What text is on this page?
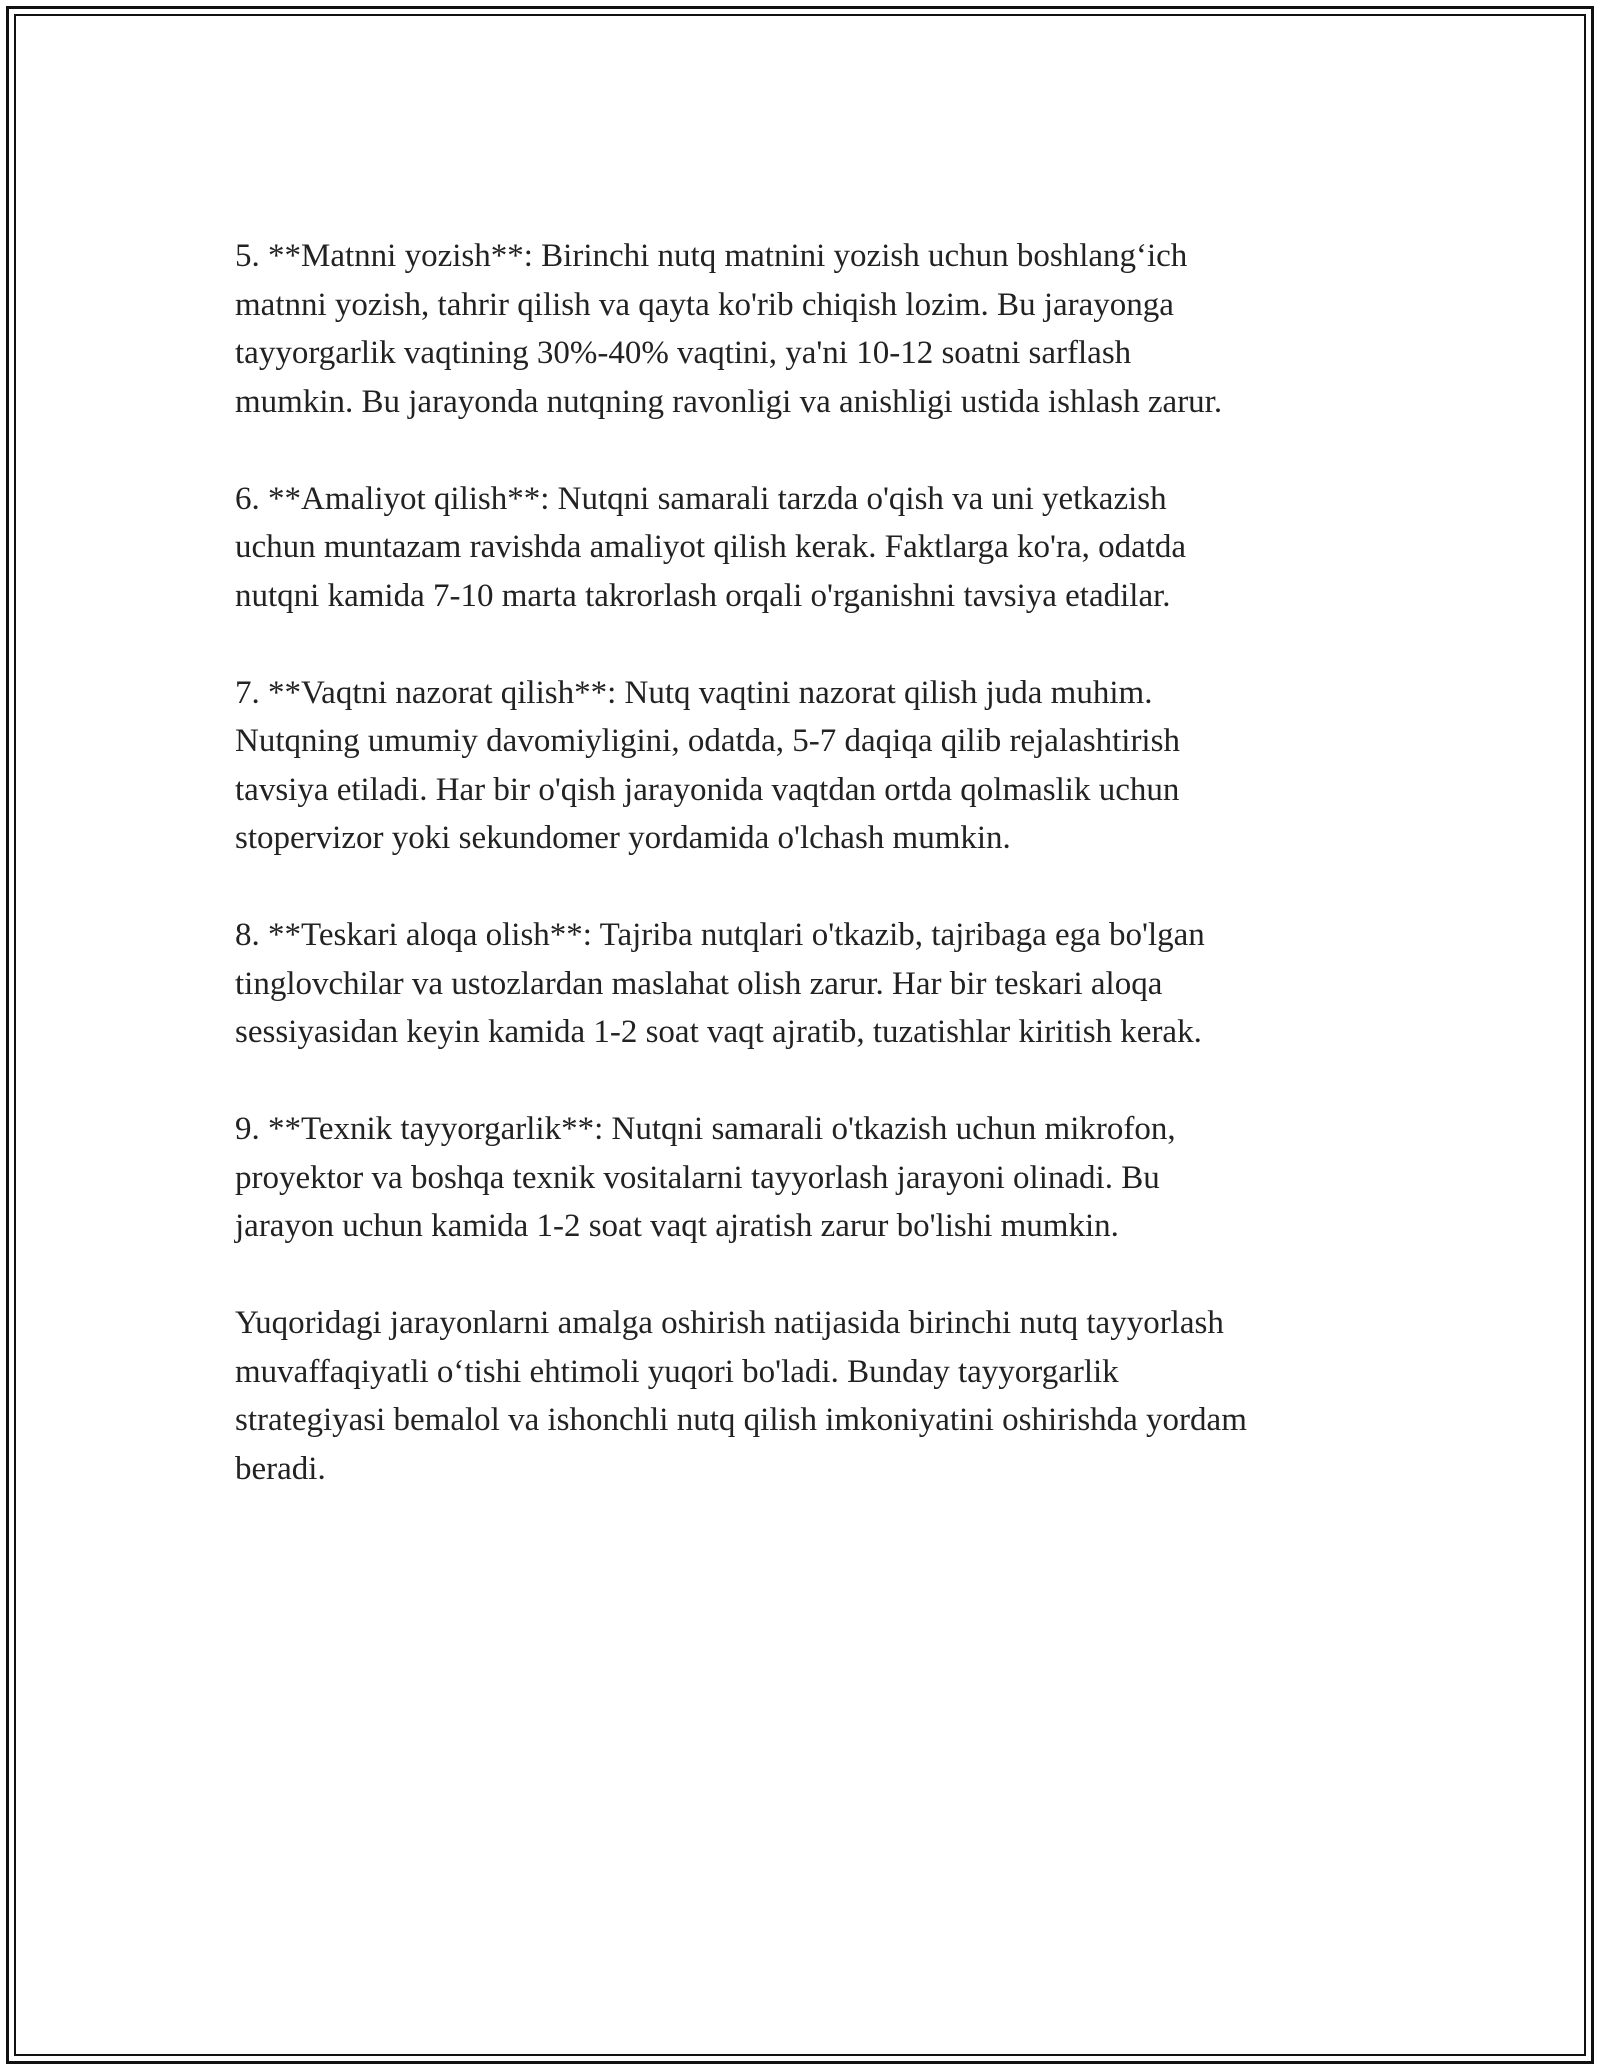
5. **Matnni yozish**: Birinchi nutq matnini yozish uchun boshlang‘ich
matnni yozish, tahrir qilish va qayta ko'rib chiqish lozim. Bu jarayonga
tayyorgarlik vaqtining 30%-40% vaqtini, ya'ni 10-12 soatni sarflash
mumkin. Bu jarayonda nutqning ravonligi va anishligi ustida ishlash zarur.

6. **Amaliyot qilish**: Nutqni samarali tarzda o'qish va uni yetkazish
uchun muntazam ravishda amaliyot qilish kerak. Faktlarga ko'ra, odatda
nutqni kamida 7-10 marta takrorlash orqali o'rganishni tavsiya etadilar.

7. **Vaqtni nazorat qilish**: Nutq vaqtini nazorat qilish juda muhim.
Nutqning umumiy davomiyligini, odatda, 5-7 daqiqa qilib rejalashtirish
tavsiya etiladi. Har bir o'qish jarayonida vaqtdan ortda qolmaslik uchun
stopervizor yoki sekundomer yordamida o'lchash mumkin.

8. **Teskari aloqa olish**: Tajriba nutqlari o'tkazib, tajribaga ega bo'lgan
tinglovchilar va ustozlardan maslahat olish zarur. Har bir teskari aloqa
sessiyasidan keyin kamida 1-2 soat vaqt ajratib, tuzatishlar kiritish kerak.

9. **Texnik tayyorgarlik**: Nutqni samarali o'tkazish uchun mikrofon,
proyektor va boshqa texnik vositalarni tayyorlash jarayoni olinadi. Bu
jarayon uchun kamida 1-2 soat vaqt ajratish zarur bo'lishi mumkin.

Yuqoridagi jarayonlarni amalga oshirish natijasida birinchi nutq tayyorlash
muvaffaqiyatli o‘tishi ehtimoli yuqori bo'ladi. Bunday tayyorgarlik
strategiyasi bemalol va ishonchli nutq qilish imkoniyatini oshirishda yordam
beradi.
